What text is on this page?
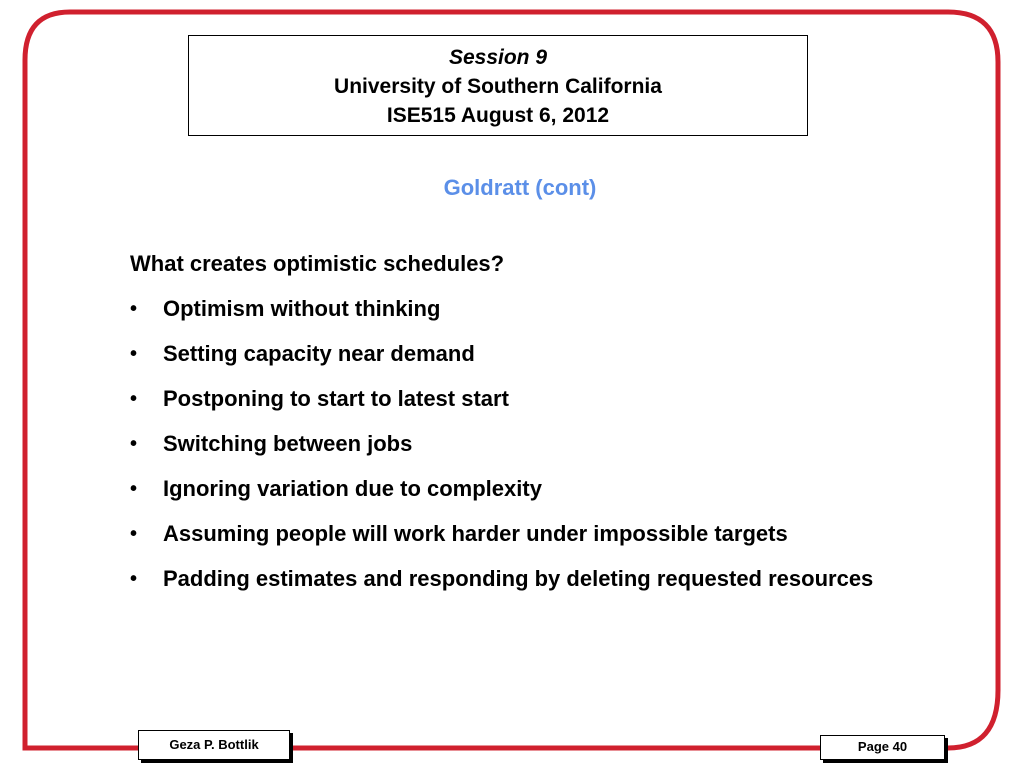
Session 9
University of Southern California
ISE515 August 6, 2012
Goldratt (cont)
What creates optimistic schedules?
• Optimism without thinking
• Setting capacity near demand
• Postponing to start to latest start
• Switching between jobs
• Ignoring variation due to complexity
• Assuming people will work harder under impossible targets
• Padding estimates and responding by deleting requested resources
Geza P. Bottlik	Page 40
